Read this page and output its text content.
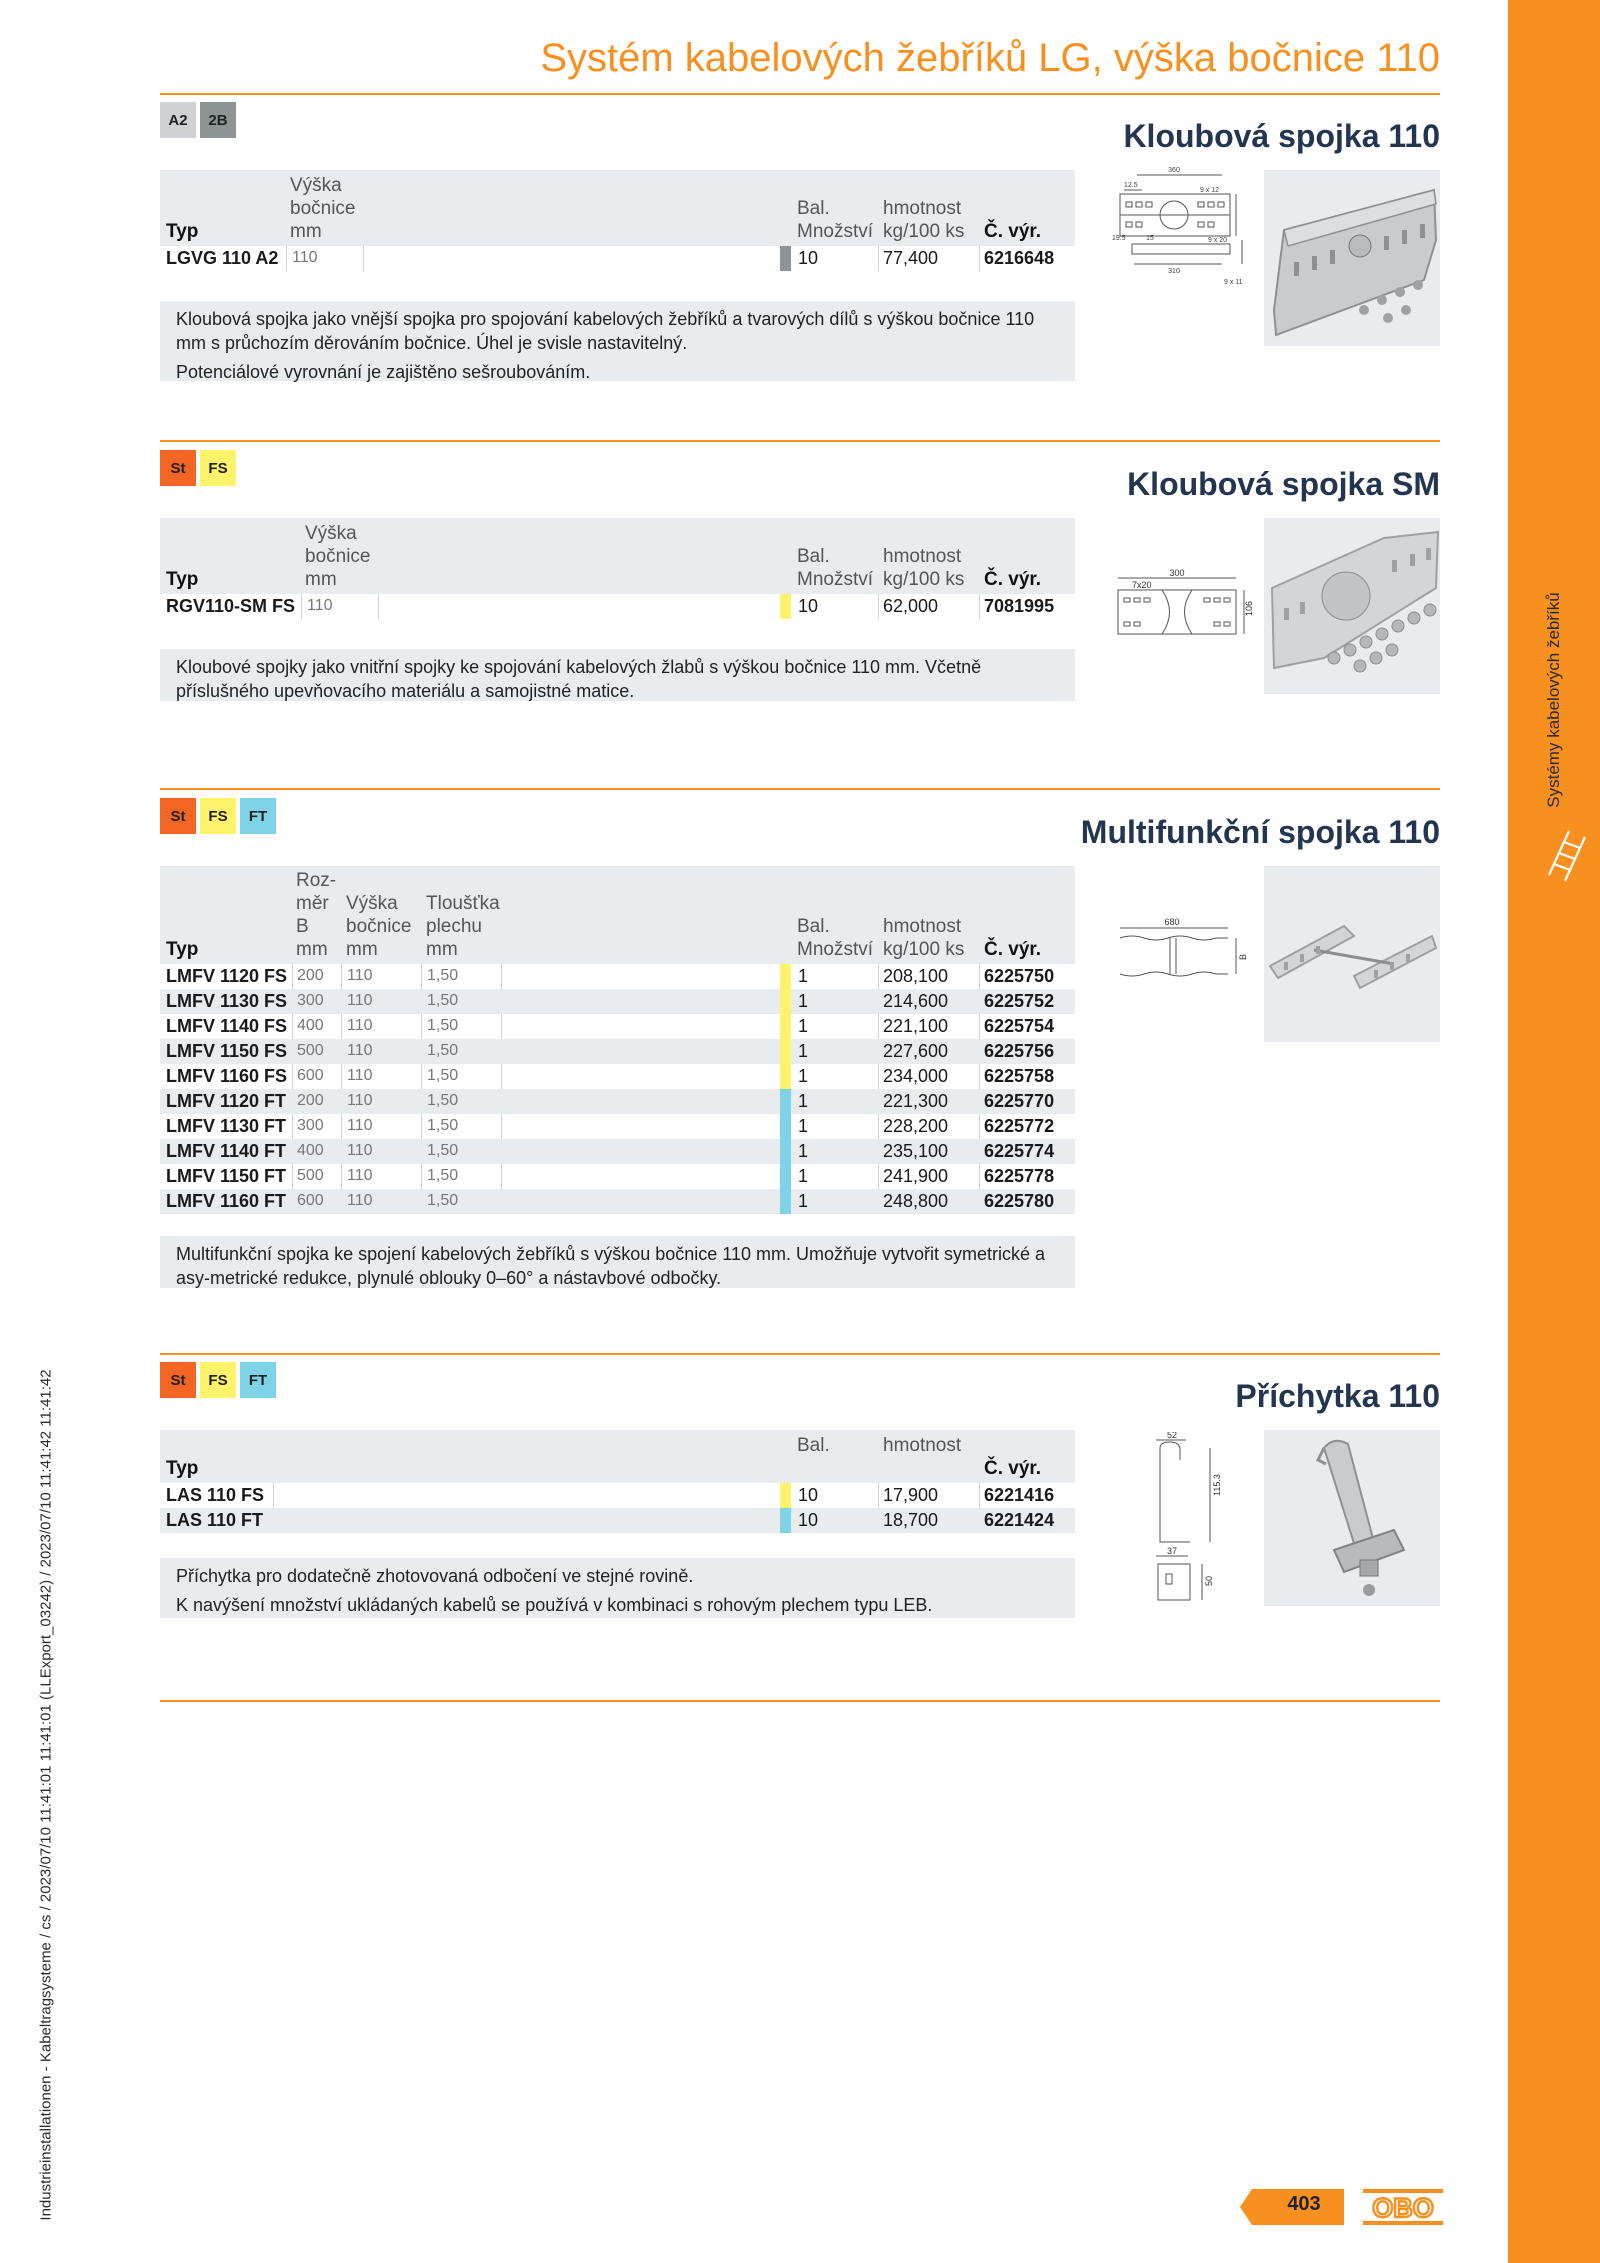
Systémy kabelových žebříků
Industrieinstallationen - Kabeltragsysteme / cs / 2023/07/10 11:41:01 11:41:01 (LLExport_03242) / 2023/07/10 11:41:42 11:41:42
Systém kabelových žebříků LG, výška bočnice 110
A2	2B	Kloubová spojka 110
Typ
Výška bočnice mm
Bal. Množství
hmotnost kg/100 ks	Č. výr.
LGVG 110 A2 110	10	77,400	6216648

Kloubová spojka jako vnější spojka pro spojování kabelových žebříků a tvarových dílů s výškou bočnice 110 mm s průchozím děrováním bočnice. Úhel je svisle nastavitelný.

Potenciálové vyrovnání je zajištěno sešroubováním.

360
12.5
9 x 12
19.5	15	9 x 20
310
9 x 11
St	FS	Kloubová spojka SM
Typ
Výška bočnice mm
Bal. Množství
hmotnost kg/100 ks	Č. výr.
RGV110-SM FS 110	10	62,000	7081995

Kloubové spojky jako vnitřní spojky ke spojování kabelových žlabů s výškou bočnice 110 mm. Včetně příslušného upevňovacího materiálu a samojistné matice.

300
7x20
106
St	FS	FT	Multifunkční spojka 110
Typ
Roz-měr B mm
Výška bočnice mm
Tloušťka plechu mm
Bal. Množství
hmotnost kg/100 ks	Č. výr.
LMFV 1120 FS 200 110	1,50	1	208,100 6225750
LMFV 1130 FS 300 110	1,50	1	214,600 6225752
LMFV 1140 FS 400 110	1,50	1	221,100 6225754
LMFV 1150 FS 500 110	1,50	1	227,600 6225756
LMFV 1160 FS 600 110	1,50	1	234,000 6225758
LMFV 1120 FT 200 110	1,50	1	221,300 6225770
LMFV 1130 FT 300 110	1,50	1	228,200 6225772
LMFV 1140 FT 400 110	1,50	1	235,100 6225774
LMFV 1150 FT 500 110	1,50	1	241,900 6225778
LMFV 1160 FT 600 110	1,50	1	248,800 6225780

Multifunkční spojka ke spojení kabelových žebříků s výškou bočnice 110 mm. Umožňuje vytvořit symetrické a asy-metrické redukce, plynulé oblouky 0–60° a nástavbové odbočky.

680
B
St	FS	FT	Příchytka 110
Typ
Bal.	hmotnost
Č. výr.
LAS 110 FS	10	17,900	6221416
LAS 110 FT	10	18,700	6221424

Příchytka pro dodatečně zhotovovaná odbočení ve stejné rovině.

K navýšení množství ukládaných kabelů se používá v kombinaci s rohovým plechem typu LEB.

52
115.3
37
50
403	OBO
